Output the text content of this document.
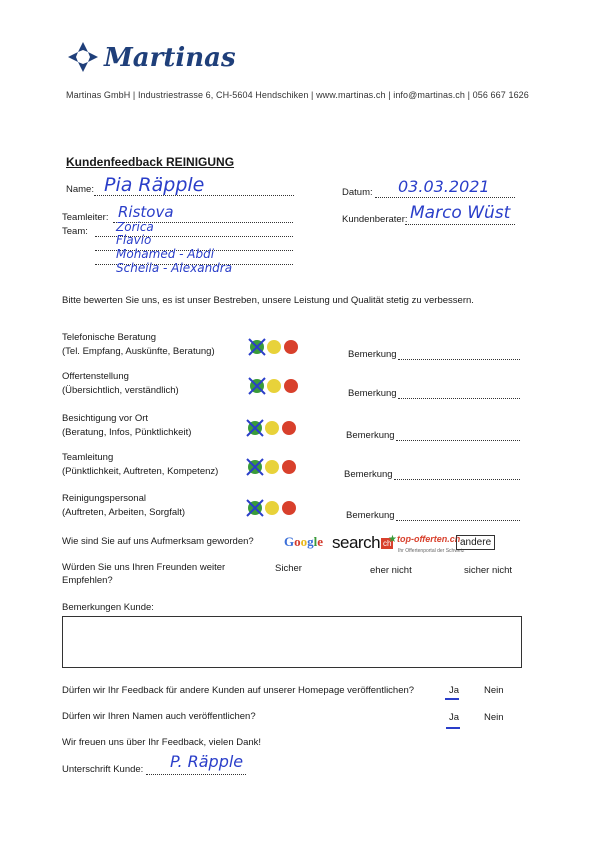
Martinas
Martinas GmbH | Industriestrasse 6, CH-5604 Hendschiken | www.martinas.ch | info@martinas.ch | 056 667 1626
Kundenfeedback REINIGUNG
Name: Pia Räpple	Datum: 03.03.2021
Teamleiter: Ristova	Kundenberater: Marco Wüst
Team: Zorica
Flavio
Mohamed - Abdi
Scheila - Alexandra
Bitte bewerten Sie uns, es ist unser Bestreben, unsere Leistung und Qualität stetig zu verbessern.
Telefonische Beratung
(Tel. Empfang, Auskünfte, Beratung)	Bemerkung
Offertenstellung
(Übersichtlich, verständlich)	Bemerkung
Besichtigung vor Ort
(Beratung, Infos, Pünktlichkeit)	Bemerkung
Teamleitung
(Pünktlichkeit, Auftreten, Kompetenz)	Bemerkung
Reinigungspersonal
(Auftreten, Arbeiten, Sorgfalt)	Bemerkung
Wie sind Sie auf uns Aufmerksam geworden? Google search ch
★top-offerten.ch
Ihr Offertenportal der Schweiz
andere
Würden Sie uns Ihren Freunden weiter
Empfehlen?
Sicher	eher nicht	sicher nicht
Bemerkungen Kunde:
Dürfen wir Ihr Feedback für andere Kunden auf unserer Homepage veröffentlichen?	Ja	Nein
Dürfen wir Ihren Namen auch veröffentlichen?	Ja	Nein
Wir freuen uns über Ihr Feedback, vielen Dank!
Unterschrift Kunde: P. Räpple
